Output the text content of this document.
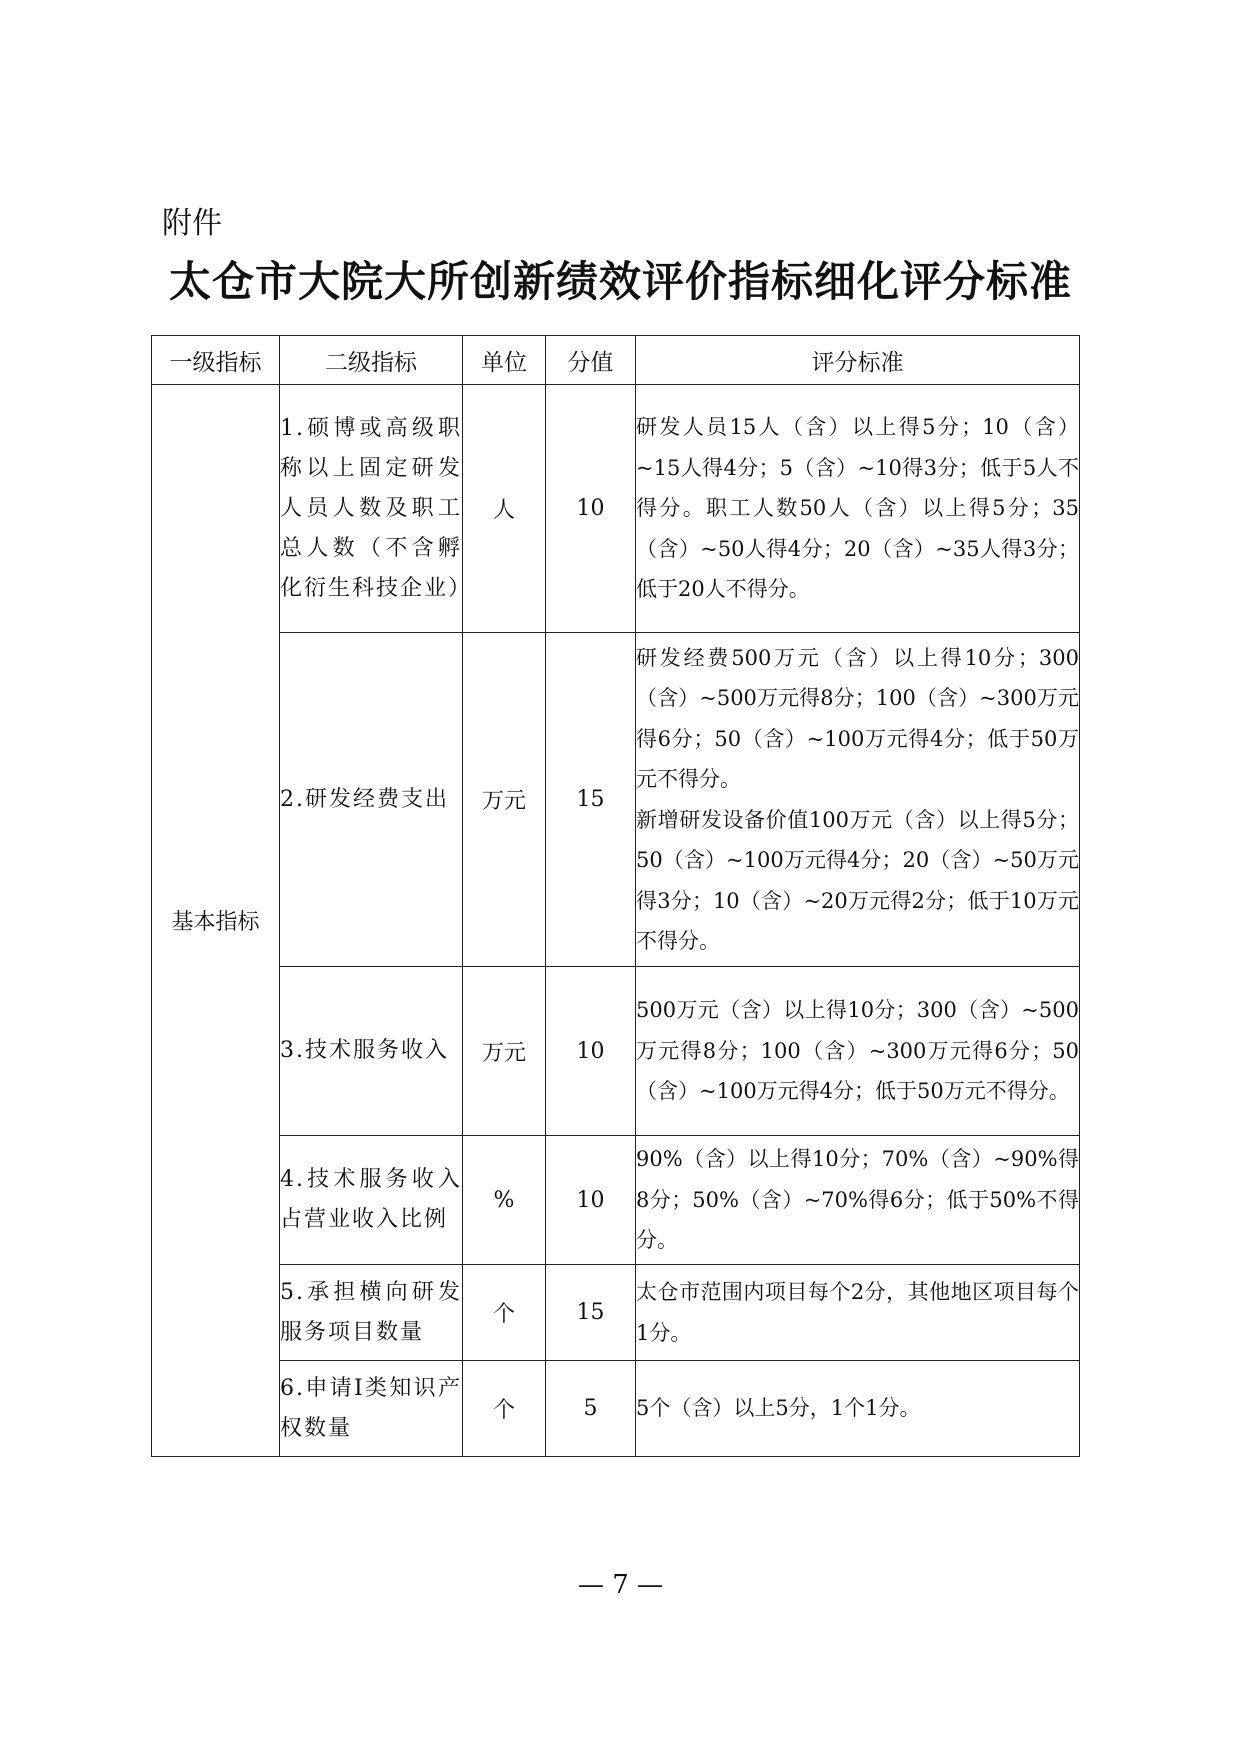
附件

太仓市大院大所创新绩效评价指标细化评分标准
一级指标	二级指标	单位	分值	评分标准
基本指标	1.硕博或高级职称以上固定研发人员人数及职工总人数（不含孵化衍生科技企业）	人	10	研发人员15人（含）以上得5分；10（含）~15人得4分；5（含）~10得3分；低于5人不得分。职工人数50人（含）以上得5分；35（含）~50人得4分；20（含）~35人得3分；低于20人不得分。

	2.研发经费支出	万元	15	研发经费500万元（含）以上得10分；300（含）~500万元得8分；100（含）~300万元得6分；50（含）~100万元得4分；低于50万元不得分。

新增研发设备价值100万元（含）以上得5分；50（含）~100万元得4分；20（含）~50万元得3分；10（含）~20万元得2分；低于10万元不得分。

	3.技术服务收入	万元	10	500万元（含）以上得10分；300（含）~500万元得8分；100（含）~300万元得6分；50（含）~100万元得4分；低于50万元不得分。

	4.技术服务收入占营业收入比例	%	10	90%（含）以上得10分；70%（含）~90%得8分；50%（含）~70%得6分；低于50%不得分。

	5.承担横向研发服务项目数量	个	15	太仓市范围内项目每个2分，其他地区项目每个1分。

	6.申请Ⅰ类知识产权数量	个	5	5个（含）以上5分，1个1分。

— 7 —
